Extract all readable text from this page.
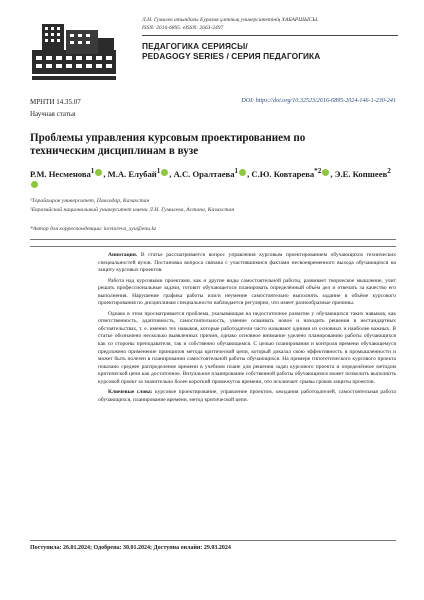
Л.Н. Гумилев атындағы Еуразия ұлттық университетінің ХАБАРШЫСЫ.
ISSN: 2616-6895. eISSN: 2663-2497
ПЕДАГОГИКА СЕРИЯСЫ/
PEDAGOGY SERIES / СЕРИЯ ПЕДАГОГИКА
МРНТИ 14.35.07	DOI: https://doi.org/10.32523/2616-6895-2024-146-1-230-241
Научная статья
Проблемы управления курсовым проектированием по техническим дисциплинам в вузе
Р.М. Несменова$^1$ , М.А. Елубай$^1$ , А.С. Оралтаева$^1$ , С.Ю. Ковтарева$^{*2}$ , Э.Е. Копшеев$^2$
¹Торайгыров университет, Павлодар, Казахстан
²Евразийский национальный университет имени Л.Н. Гумилева, Астана, Казахстан
*Автор для корреспонденции: kovtareva_syu@enu.kz

Аннотация. В статье рассматривается вопрос управления курсовым проектированием обучающихся технических специальностей вузов. Постановка вопроса связана с участившимися фактами несвоевременного выхода обучающихся на защиту курсовых проектов.

Работа над курсовыми проектами, как и другие виды самостоятельной работы, развивает творческое мышление, учит решать профессиональные задачи, готовит обучающегося планировать определённый объём дел и отвечать за качество его выполнения. Нарушение графика работы или/и неумение самостоятельно выполнять задание в объёме курсового проектирования по дисциплинам специальности наблюдается регулярно, что имеет разнообразные причины.

Однако в этом просматривается проблема, указывающая на недостаточное развитие у обучающихся таких навыков, как ответственность, адаптивность, самостоятельность, умение осваивать новое и находить решения в нестандартных обстоятельствах, т. е. именно тех навыков, которые работодатели часто называют одними из основных и наиболее важных. В статье обозначено несколько выявленных причин, однако основное внимание уделено планированию работы обучающихся как со стороны преподавателя, так и собственно обучающимся. С целью планирования и контроля времени обучающемуся предложено применение принципов метода критической цепи, который доказал свою эффективность в промышленности и может быть полезен в планировании самостоятельной работы обучающихся. На примере гипотетического курсового проекта показано среднее распределение времени в учебном плане для решения задач курсового проекта и определённое методом критической цепи как достаточное. Визуальное планирование собственной работы обучающимся может позволить выполнить курсовой проект за значительно более короткий промежуток времени, что исключает срывы сроков защиты проектов.

Ключевые слова: курсовое проектирование, управление проектом, ожидания работодателей, самостоятельная работа обучающихся, планирование времени, метод критической цепи.

Поступила: 26.01.2024; Одобрена: 30.01.2024; Доступна онлайн: 29.03.2024
